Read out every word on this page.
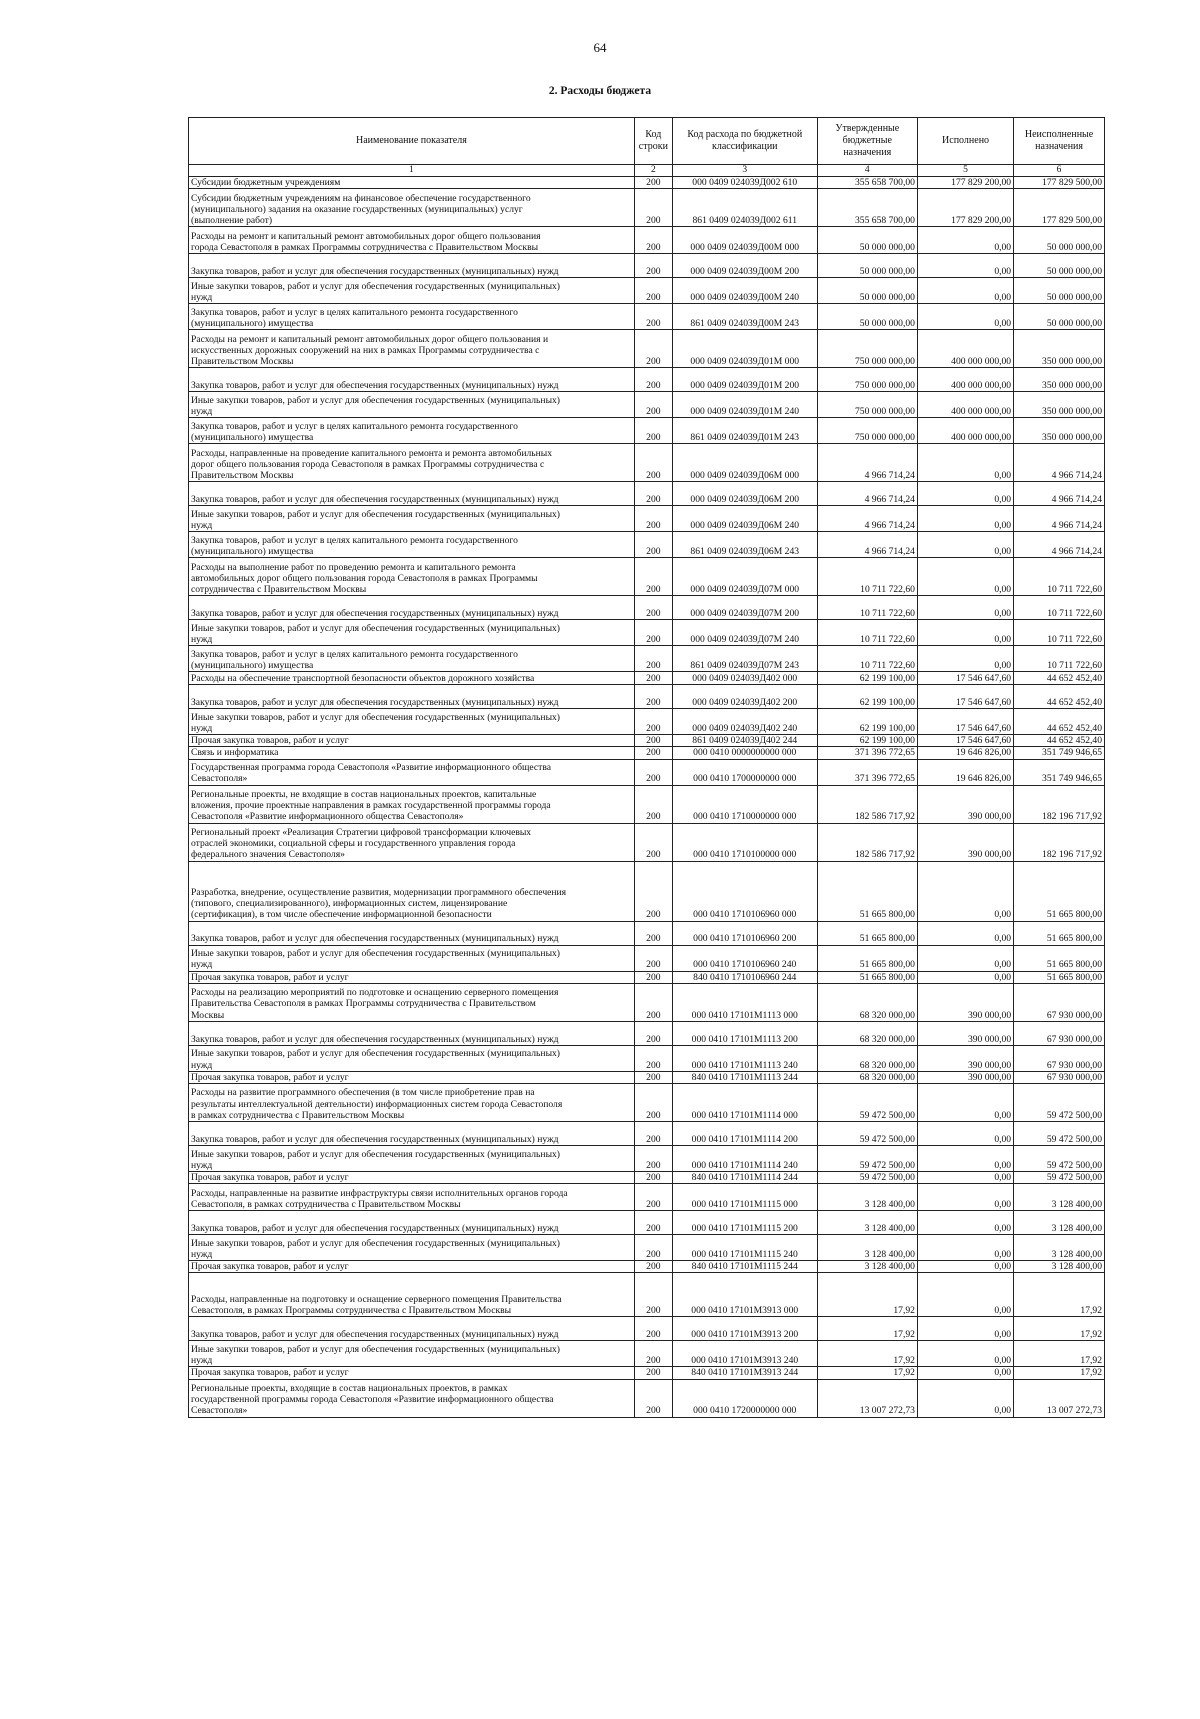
64
2. Расходы бюджета
Наименование показателя	Код строки	Код расхода по бюджетной классификации	Утвержденные бюджетные назначения	Исполнено	Неисполненные назначения
1	2	3	4	5	6
Субсидии бюджетным учреждениям	200	000 0409 024039Д002 610	355 658 700,00	177 829 200,00	177 829 500,00
Субсидии бюджетным учреждениям на финансовое обеспечение государственного
(муниципального) задания на оказание государственных (муниципальных) услуг
(выполнение работ)	200	861 0409 024039Д002 611	355 658 700,00	177 829 200,00	177 829 500,00
Расходы на ремонт и капитальный ремонт автомобильных дорог общего пользования
города Севастополя в рамках Программы сотрудничества с Правительством Москвы	200	000 0409 024039Д00М 000	50 000 000,00	0,00	50 000 000,00
Закупка товаров, работ и услуг для обеспечения государственных (муниципальных) нужд	200	000 0409 024039Д00М 200	50 000 000,00	0,00	50 000 000,00
Иные закупки товаров, работ и услуг для обеспечения государственных (муниципальных)
нужд	200	000 0409 024039Д00М 240	50 000 000,00	0,00	50 000 000,00
Закупка товаров, работ и услуг в целях капитального ремонта государственного
(муниципального) имущества	200	861 0409 024039Д00М 243	50 000 000,00	0,00	50 000 000,00
Расходы на ремонт и капитальный ремонт автомобильных дорог общего пользования и
искусственных дорожных сооружений на них в рамках Программы сотрудничества с
Правительством Москвы	200	000 0409 024039Д01М 000	750 000 000,00	400 000 000,00	350 000 000,00
Закупка товаров, работ и услуг для обеспечения государственных (муниципальных) нужд	200	000 0409 024039Д01М 200	750 000 000,00	400 000 000,00	350 000 000,00
Иные закупки товаров, работ и услуг для обеспечения государственных (муниципальных)
нужд	200	000 0409 024039Д01М 240	750 000 000,00	400 000 000,00	350 000 000,00
Закупка товаров, работ и услуг в целях капитального ремонта государственного
(муниципального) имущества	200	861 0409 024039Д01М 243	750 000 000,00	400 000 000,00	350 000 000,00
Расходы, направленные на проведение капитального ремонта и ремонта автомобильных
дорог общего пользования города Севастополя в рамках Программы сотрудничества с
Правительством Москвы	200	000 0409 024039Д06М 000	4 966 714,24	0,00	4 966 714,24
Закупка товаров, работ и услуг для обеспечения государственных (муниципальных) нужд	200	000 0409 024039Д06М 200	4 966 714,24	0,00	4 966 714,24
Иные закупки товаров, работ и услуг для обеспечения государственных (муниципальных)
нужд	200	000 0409 024039Д06М 240	4 966 714,24	0,00	4 966 714,24
Закупка товаров, работ и услуг в целях капитального ремонта государственного
(муниципального) имущества	200	861 0409 024039Д06М 243	4 966 714,24	0,00	4 966 714,24
Расходы на выполнение работ по проведению ремонта и капитального ремонта
автомобильных дорог общего пользования города Севастополя в рамках Программы
сотрудничества с Правительством Москвы	200	000 0409 024039Д07М 000	10 711 722,60	0,00	10 711 722,60
Закупка товаров, работ и услуг для обеспечения государственных (муниципальных) нужд	200	000 0409 024039Д07М 200	10 711 722,60	0,00	10 711 722,60
Иные закупки товаров, работ и услуг для обеспечения государственных (муниципальных)
нужд	200	000 0409 024039Д07М 240	10 711 722,60	0,00	10 711 722,60
Закупка товаров, работ и услуг в целях капитального ремонта государственного
(муниципального) имущества	200	861 0409 024039Д07М 243	10 711 722,60	0,00	10 711 722,60
Расходы на обеспечение транспортной безопасности объектов дорожного хозяйства	200	000 0409 024039Д402 000	62 199 100,00	17 546 647,60	44 652 452,40
Закупка товаров, работ и услуг для обеспечения государственных (муниципальных) нужд	200	000 0409 024039Д402 200	62 199 100,00	17 546 647,60	44 652 452,40
Иные закупки товаров, работ и услуг для обеспечения государственных (муниципальных)
нужд	200	000 0409 024039Д402 240	62 199 100,00	17 546 647,60	44 652 452,40
Прочая закупка товаров, работ и услуг	200	861 0409 024039Д402 244	62 199 100,00	17 546 647,60	44 652 452,40
Связь и информатика	200	000 0410 0000000000 000	371 396 772,65	19 646 826,00	351 749 946,65
Государственная программа города Севастополя «Развитие информационного общества
Севастополя»	200	000 0410 1700000000 000	371 396 772,65	19 646 826,00	351 749 946,65
Региональные проекты, не входящие в состав национальных проектов, капитальные
вложения, прочие проектные направления в рамках государственной программы города
Севастополя «Развитие информационного общества Севастополя»	200	000 0410 1710000000 000	182 586 717,92	390 000,00	182 196 717,92
Региональный проект «Реализация Стратегии цифровой трансформации ключевых
отраслей экономики, социальной сферы и государственного управления города
федерального значения Севастополя»	200	000 0410 1710100000 000	182 586 717,92	390 000,00	182 196 717,92
Разработка, внедрение, осуществление развития, модернизации программного обеспечения
(типового, специализированного), информационных систем, лицензирование
(сертификация), в том числе обеспечение информационной безопасности	200	000 0410 1710106960 000	51 665 800,00	0,00	51 665 800,00
Закупка товаров, работ и услуг для обеспечения государственных (муниципальных) нужд	200	000 0410 1710106960 200	51 665 800,00	0,00	51 665 800,00
Иные закупки товаров, работ и услуг для обеспечения государственных (муниципальных)
нужд	200	000 0410 1710106960 240	51 665 800,00	0,00	51 665 800,00
Прочая закупка товаров, работ и услуг	200	840 0410 1710106960 244	51 665 800,00	0,00	51 665 800,00
Расходы на реализацию мероприятий по подготовке и оснащению серверного помещения
Правительства Севастополя в рамках Программы сотрудничества с Правительством
Москвы	200	000 0410 17101М1113 000	68 320 000,00	390 000,00	67 930 000,00
Закупка товаров, работ и услуг для обеспечения государственных (муниципальных) нужд	200	000 0410 17101М1113 200	68 320 000,00	390 000,00	67 930 000,00
Иные закупки товаров, работ и услуг для обеспечения государственных (муниципальных)
нужд	200	000 0410 17101М1113 240	68 320 000,00	390 000,00	67 930 000,00
Прочая закупка товаров, работ и услуг	200	840 0410 17101М1113 244	68 320 000,00	390 000,00	67 930 000,00
Расходы на развитие программного обеспечения (в том числе приобретение прав на
результаты интеллектуальной деятельности) информационных систем города Севастополя
в рамках сотрудничества с Правительством Москвы	200	000 0410 17101М1114 000	59 472 500,00	0,00	59 472 500,00
Закупка товаров, работ и услуг для обеспечения государственных (муниципальных) нужд	200	000 0410 17101М1114 200	59 472 500,00	0,00	59 472 500,00
Иные закупки товаров, работ и услуг для обеспечения государственных (муниципальных)
нужд	200	000 0410 17101М1114 240	59 472 500,00	0,00	59 472 500,00
Прочая закупка товаров, работ и услуг	200	840 0410 17101М1114 244	59 472 500,00	0,00	59 472 500,00
Расходы, направленные на развитие инфраструктуры связи исполнительных органов города
Севастополя, в рамках сотрудничества с Правительством Москвы	200	000 0410 17101М1115 000	3 128 400,00	0,00	3 128 400,00
Закупка товаров, работ и услуг для обеспечения государственных (муниципальных) нужд	200	000 0410 17101М1115 200	3 128 400,00	0,00	3 128 400,00
Иные закупки товаров, работ и услуг для обеспечения государственных (муниципальных)
нужд	200	000 0410 17101М1115 240	3 128 400,00	0,00	3 128 400,00
Прочая закупка товаров, работ и услуг	200	840 0410 17101М1115 244	3 128 400,00	0,00	3 128 400,00
Расходы, направленные на подготовку и оснащение серверного помещения Правительства
Севастополя, в рамках Программы сотрудничества с Правительством Москвы	200	000 0410 17101М3913 000	17,92	0,00	17,92
Закупка товаров, работ и услуг для обеспечения государственных (муниципальных) нужд	200	000 0410 17101М3913 200	17,92	0,00	17,92
Иные закупки товаров, работ и услуг для обеспечения государственных (муниципальных)
нужд	200	000 0410 17101М3913 240	17,92	0,00	17,92
Прочая закупка товаров, работ и услуг	200	840 0410 17101М3913 244	17,92	0,00	17,92
Региональные проекты, входящие в состав национальных проектов, в рамках
государственной программы города Севастополя «Развитие информационного общества
Севастополя»	200	000 0410 1720000000 000	13 007 272,73	0,00	13 007 272,73
